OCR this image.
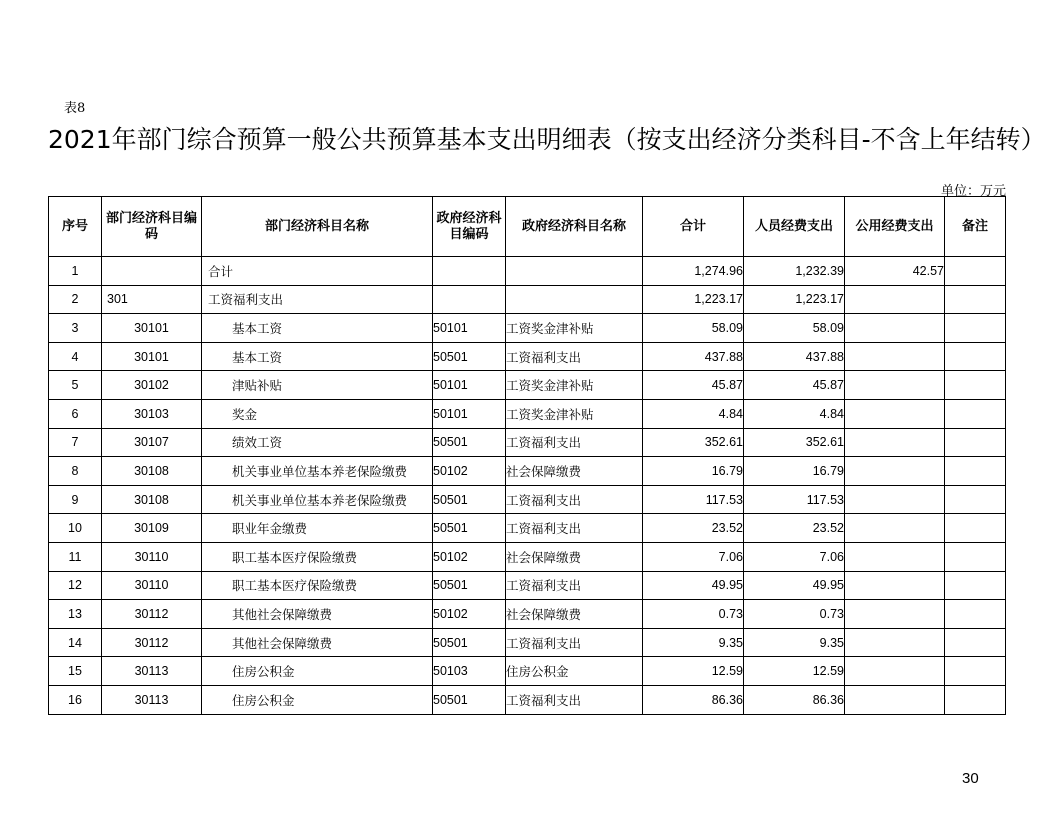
表8
2021年部门综合预算一般公共预算基本支出明细表（按支出经济分类科目-不含上年结转）
单位：万元
序号	部门经济科目编码	部门经济科目名称	政府经济科目编码	政府经济科目名称	合计	人员经费支出	公用经费支出	备注
1		合计			1,274.96	1,232.39	42.57	
2	301	工资福利支出			1,223.17	1,223.17		
3	30101	基本工资	50101	工资奖金津补贴	58.09	58.09		
4	30101	基本工资	50501	工资福利支出	437.88	437.88		
5	30102	津贴补贴	50101	工资奖金津补贴	45.87	45.87		
6	30103	奖金	50101	工资奖金津补贴	4.84	4.84		
7	30107	绩效工资	50501	工资福利支出	352.61	352.61		
8	30108	机关事业单位基本养老保险缴费	50102	社会保障缴费	16.79	16.79		
9	30108	机关事业单位基本养老保险缴费	50501	工资福利支出	117.53	117.53		
10	30109	职业年金缴费	50501	工资福利支出	23.52	23.52		
11	30110	职工基本医疗保险缴费	50102	社会保障缴费	7.06	7.06		
12	30110	职工基本医疗保险缴费	50501	工资福利支出	49.95	49.95		
13	30112	其他社会保障缴费	50102	社会保障缴费	0.73	0.73		
14	30112	其他社会保障缴费	50501	工资福利支出	9.35	9.35		
15	30113	住房公积金	50103	住房公积金	12.59	12.59		
16	30113	住房公积金	50501	工资福利支出	86.36	86.36		
30
